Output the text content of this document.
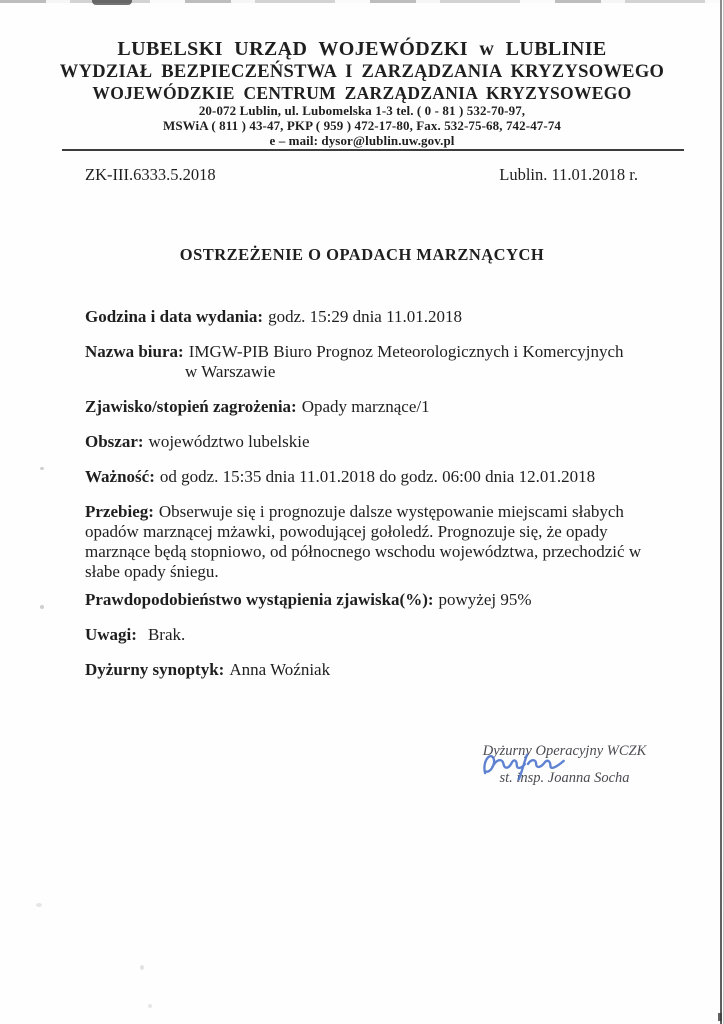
LUBELSKI URZĄD WOJEWÓDZKI w LUBLINIE
WYDZIAŁ BEZPIECZEŃSTWA I ZARZĄDZANIA KRYZYSOWEGO
WOJEWÓDZKIE CENTRUM ZARZĄDZANIA KRYZYSOWEGO
20-072 Lublin, ul. Lubomelska 1-3 tel. ( 0 - 81 ) 532-70-97,
MSWiA ( 811 ) 43-47, PKP ( 959 ) 472-17-80, Fax. 532-75-68, 742-47-74
e – mail: dysor@lublin.uw.gov.pl
ZK-III.6333.5.2018	Lublin. 11.01.2018 r.
OSTRZEŻENIE O OPADACH MARZNĄCYCH

Godzina i data wydania: godz. 15:29 dnia 11.01.2018

Nazwa biura: IMGW-PIB Biuro Prognoz Meteorologicznych i Komercyjnych
w Warszawie

Zjawisko/stopień zagrożenia: Opady marznące/1

Obszar: województwo lubelskie

Ważność: od godz. 15:35 dnia 11.01.2018 do godz. 06:00 dnia 12.01.2018

Przebieg: Obserwuje się i prognozuje dalsze występowanie miejscami słabych opadów marznącej mżawki, powodującej gołoledź. Prognozuje się, że opady marznące będą stopniowo, od północnego wschodu województwa, przechodzić w słabe opady śniegu.

Prawdopodobieństwo wystąpienia zjawiska(%): powyżej 95%

Uwagi: Brak.

Dyżurny synoptyk: Anna Woźniak

Dyżurny Operacyjny WCZK
st. insp. Joanna Socha
